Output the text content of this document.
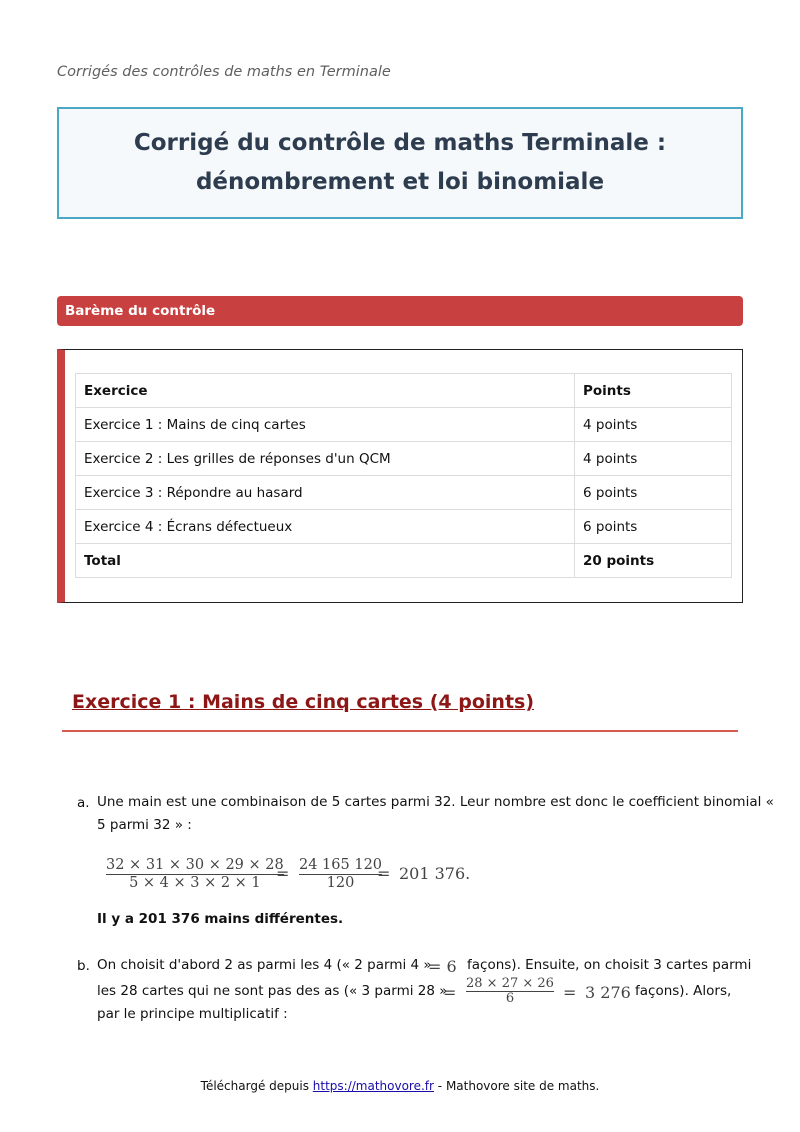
Corrigés des contrôles de maths en Terminale
Corrigé du contrôle de maths Terminale :
dénombrement et loi binomiale
Barème du contrôle
Exercice	Points
Exercice 1 : Mains de cinq cartes	4 points
Exercice 2 : Les grilles de réponses d'un QCM	4 points
Exercice 3 : Répondre au hasard	6 points
Exercice 4 : Écrans défectueux	6 points
Total	20 points
Exercice 1 : Mains de cinq cartes (4 points)
a. Une main est une combinaison de 5 cartes parmi 32. Leur nombre est donc le coefficient binomial «
5 parmi 32 » :
32 × 31 × 30 × 29 × 28
5 × 4 × 3 × 2 × 1 = 24 165 120
120 = 201 376.
Il y a 201 376 mains différentes.
b. On choisit d'abord 2 as parmi les 4 (« 2 parmi 4 »
= 6 façons). Ensuite, on choisit 3 cartes parmi
les 28 cartes qui ne sont pas des as (« 3 parmi 28 »
= 28 × 27 × 26
6	= 3 276 façons). Alors,
par le principe multiplicatif :
Téléchargé depuis https://mathovore.fr - Mathovore site de maths.
